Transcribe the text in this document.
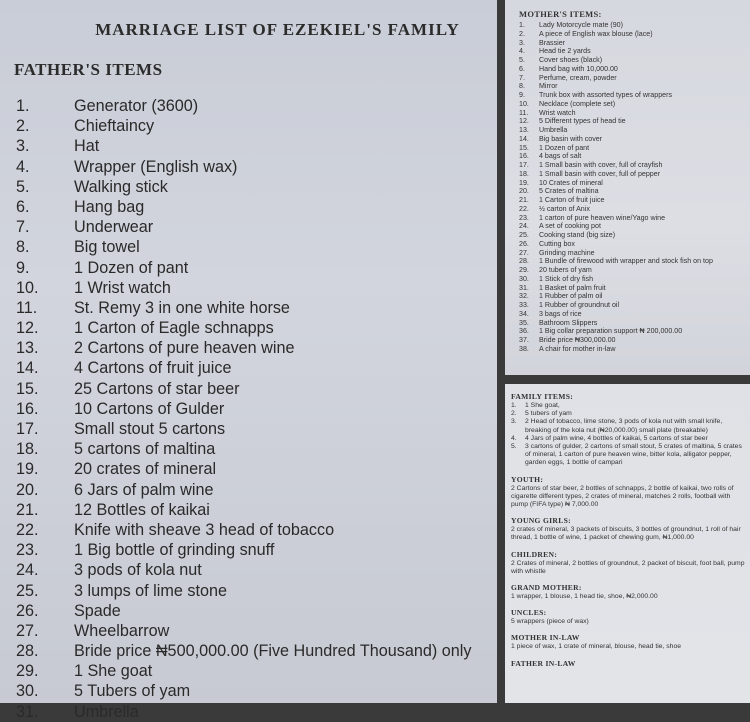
MARRIAGE LIST OF EZEKIEL'S FAMILY
FATHER'S ITEMS
1.	Generator (3600)
2.	Chieftaincy
3.	Hat
4.	Wrapper (English wax)
5.	Walking stick
6.	Hang bag
7.	Underwear
8.	Big towel
9.	1 Dozen of pant
10.	1 Wrist watch
11.	St. Remy 3 in one white horse
12.	1 Carton of Eagle schnapps
13.	2 Cartons of pure heaven wine
14.	4 Cartons of fruit juice
15.	25 Cartons of star beer
16.	10 Cartons of Gulder
17.	Small stout 5 cartons
18.	5 cartons of maltina
19.	20 crates of mineral
20.	6 Jars of palm wine
21.	12 Bottles of kaikai
22.	Knife with sheave 3 head of tobacco
23.	1 Big bottle of grinding snuff
24.	3 pods of kola nut
25.	3 lumps of lime stone
26.	Spade
27.	Wheelbarrow
28.	Bride price ₦500,000.00 (Five Hundred Thousand) only
29.	1 She goat
30.	5 Tubers of yam
31.	Umbrella
MOTHER'S ITEMS:
1.	Lady Motorcycle mate (90)
2.	A piece of English wax blouse (lace)
3.	Brassier
4.	Head tie 2 yards
5.	Cover shoes (black)
6.	Hand bag with 10,000.00
7.	Perfume, cream, powder
8.	Mirror
9.	Trunk box with assorted types of wrappers
10.	Necklace (complete set)
11.	Wrist watch
12.	5 Different types of head tie
13.	Umbrella
14.	Big basin with cover
15.	1 Dozen of pant
16.	4 bags of salt
17.	1 Small basin with cover, full of crayfish
18.	1 Small basin with cover, full of pepper
19.	10 Crates of mineral
20.	5 Crates of maltina
21.	1 Carton of fruit juice
22.	½ carton of Anix
23.	1 carton of pure heaven wine/Yago wine
24.	A set of cooking pot
25.	Cooking stand (big size)
26.	Cutting box
27.	Grinding machine
28.	1 Bundle of firewood with wrapper and stock fish on top
29.	20 tubers of yam
30.	1 Stick of dry fish
31.	1 Basket of palm fruit
32.	1 Rubber of palm oil
33.	1 Rubber of groundnut oil
34.	3 bags of rice
35.	Bathroom Slippers
36.	1 Big collar preparation support ₦ 200,000.00
37.	Bride price ₦300,000.00
38.	A chair for mother in-law
FAMILY ITEMS:
1.	1 She goat,
2.	5 tubers of yam
3.	2 Head of tobacco, lime stone, 3 pods of kola nut with small knife, breaking of the kola nut (₦20,000.00) small plate (breakable)
4.	4 Jars of palm wine, 4 bottles of kaikai, 5 cartons of star beer
5.	3 cartons of gulder, 2 cartons of small stout, 5 crates of maltina, 5 crates of mineral, 1 carton of pure heaven wine, bitter kola, alligator pepper, garden eggs, 1 bottle of campari
YOUTH:
2 Cartons of star beer, 2 bottles of schnapps, 2 bottle of kaikai, two rolls of cigarette different types, 2 crates of mineral, matches 2 rolls, football with pump (FIFA type) ₦ 7,000.00
YOUNG GIRLS:
2 crates of mineral, 3 packets of biscuits, 3 bottles of groundnut, 1 roll of hair thread, 1 bottle of wine, 1 packet of chewing gum, ₦1,000.00
CHILDREN:
2 Crates of mineral, 2 bottles of groundnut, 2 packet of biscuit, foot ball, pump with whistle
GRAND MOTHER:
1 wrapper, 1 blouse, 1 head tie, shoe, ₦2,000.00
UNCLES:
5 wrappers (piece of wax)
MOTHER IN-LAW
1 piece of wax, 1 crate of mineral, blouse, head tie, shoe
FATHER IN-LAW
